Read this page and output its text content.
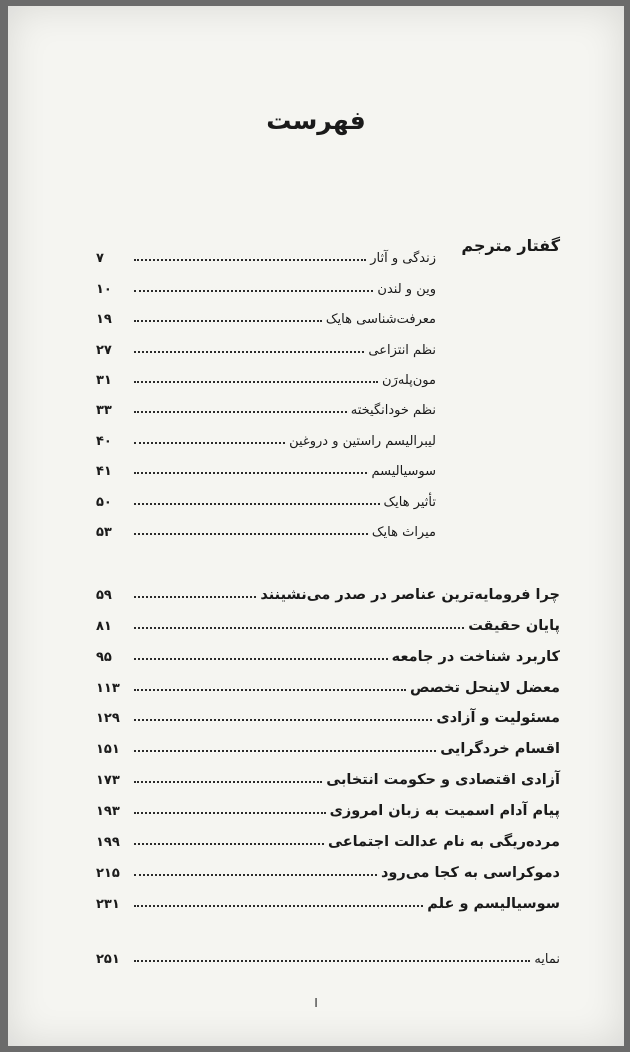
فهرست
گفتار مترجم
زندگی و آثار
۷
وین و لندن
۱۰
معرفت‌شناسی هایک
۱۹
نظم انتزاعی
۲۷
مون‌پله‌رَن
۳۱
نظم خودانگیخته
۳۳
لیبرالیسم راستین و دروغین
۴۰
سوسیالیسم
۴۱
تأثیر هایک
۵۰
میراث هایک
۵۳
چرا فرومایه‌ترین عناصر در صدر می‌نشینند
۵۹
پایان حقیقت
۸۱
کاربرد شناخت در جامعه
۹۵
معضل لاینحل تخصص
۱۱۳
مسئولیت و آزادی
۱۲۹
اقسام خردگرایی
۱۵۱
آزادی اقتصادی و حکومت انتخابی
۱۷۳
پیام آدام اسمیت به زبان امروزی
۱۹۳
مرده‌ریگی به نام عدالت اجتماعی
۱۹۹
دموکراسی به کجا می‌رود
۲۱۵
سوسیالیسم و علم
۲۳۱
نمایه
۲۵۱
ا
